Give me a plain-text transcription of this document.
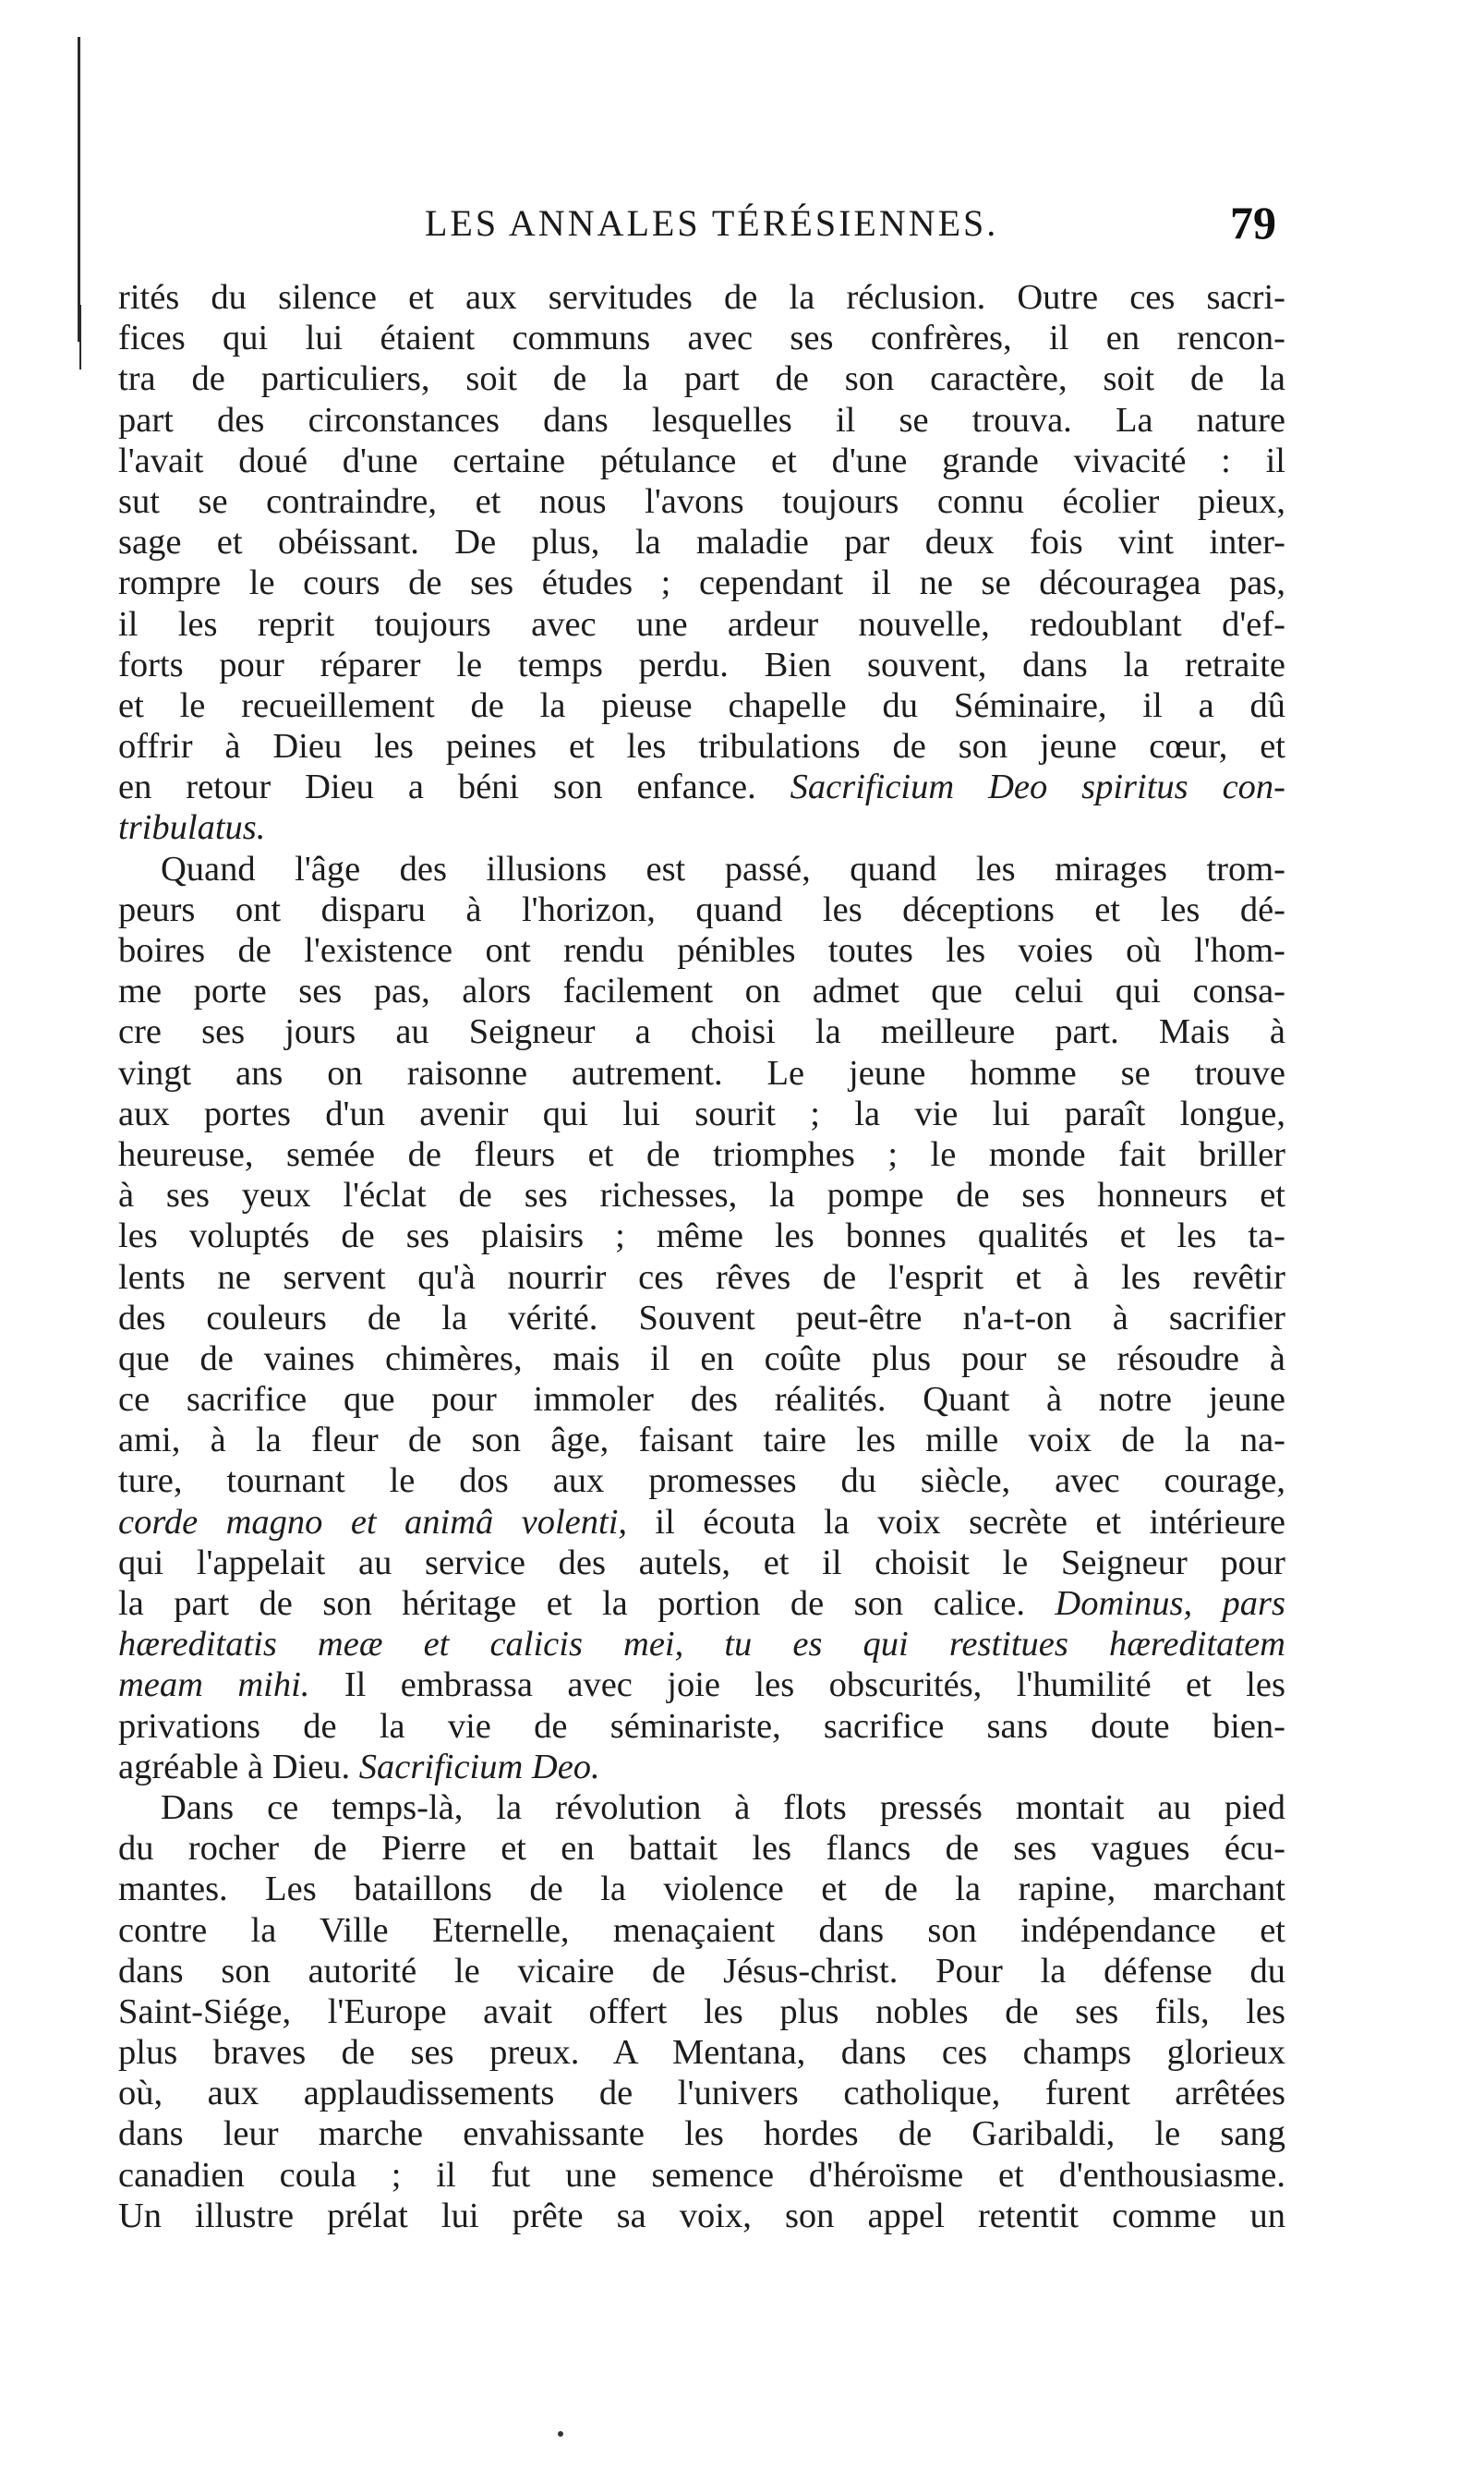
LES ANNALES TÉRÉSIENNES.	79
rités du silence et aux servitudes de la réclusion. Outre ces sacri-
fices qui lui étaient communs avec ses confrères, il en rencon-
tra de particuliers, soit de la part de son caractère, soit de la
part des circonstances dans lesquelles il se trouva. La nature
l'avait doué d'une certaine pétulance et d'une grande vivacité : il
sut se contraindre, et nous l'avons toujours connu écolier pieux,
sage et obéissant. De plus, la maladie par deux fois vint inter-
rompre le cours de ses études ; cependant il ne se découragea pas,
il les reprit toujours avec une ardeur nouvelle, redoublant d'ef-
forts pour réparer le temps perdu. Bien souvent, dans la retraite
et le recueillement de la pieuse chapelle du Séminaire, il a dû
offrir à Dieu les peines et les tribulations de son jeune cœur, et
en retour Dieu a béni son enfance. Sacrificium Deo spiritus con-
tribulatus.
Quand l'âge des illusions est passé, quand les mirages trom-
peurs ont disparu à l'horizon, quand les déceptions et les dé-
boires de l'existence ont rendu pénibles toutes les voies où l'hom-
me porte ses pas, alors facilement on admet que celui qui consa-
cre ses jours au Seigneur a choisi la meilleure part. Mais à
vingt ans on raisonne autrement. Le jeune homme se trouve
aux portes d'un avenir qui lui sourit ; la vie lui paraît longue,
heureuse, semée de fleurs et de triomphes ; le monde fait briller
à ses yeux l'éclat de ses richesses, la pompe de ses honneurs et
les voluptés de ses plaisirs ; même les bonnes qualités et les ta-
lents ne servent qu'à nourrir ces rêves de l'esprit et à les revêtir
des couleurs de la vérité. Souvent peut-être n'a-t-on à sacrifier
que de vaines chimères, mais il en coûte plus pour se résoudre à
ce sacrifice que pour immoler des réalités. Quant à notre jeune
ami, à la fleur de son âge, faisant taire les mille voix de la na-
ture, tournant le dos aux promesses du siècle, avec courage,
corde magno et animâ volenti, il écouta la voix secrète et intérieure
qui l'appelait au service des autels, et il choisit le Seigneur pour
la part de son héritage et la portion de son calice. Dominus, pars
hæreditatis meæ et calicis mei, tu es qui restitues hæreditatem
meam mihi. Il embrassa avec joie les obscurités, l'humilité et les
privations de la vie de séminariste, sacrifice sans doute bien-
agréable à Dieu. Sacrificium Deo.
Dans ce temps-là, la révolution à flots pressés montait au pied
du rocher de Pierre et en battait les flancs de ses vagues écu-
mantes. Les bataillons de la violence et de la rapine, marchant
contre la Ville Eternelle, menaçaient dans son indépendance et
dans son autorité le vicaire de Jésus-christ. Pour la défense du
Saint-Siége, l'Europe avait offert les plus nobles de ses fils, les
plus braves de ses preux. A Mentana, dans ces champs glorieux
où, aux applaudissements de l'univers catholique, furent arrêtées
dans leur marche envahissante les hordes de Garibaldi, le sang
canadien coula ; il fut une semence d'héroïsme et d'enthousiasme.
Un illustre prélat lui prête sa voix, son appel retentit comme un
